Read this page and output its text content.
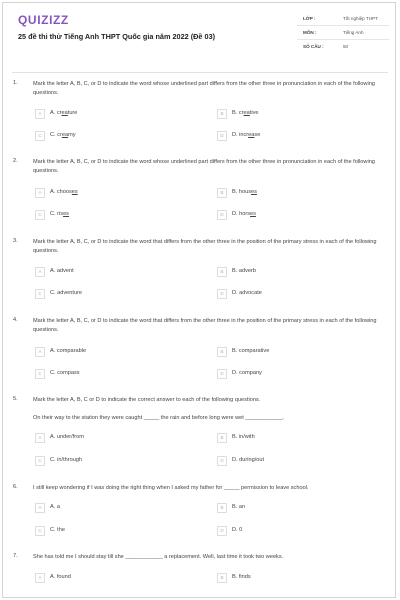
QUIZIZZ
25 đề thi thử Tiếng Anh THPT Quốc gia năm 2022 (Đề 03)
LỚP :	Tốt nghiệp THPT
MÔN :	Tiếng Anh
SỐ CÂU :	50
1.	Mark the letter A, B, C, or D to indicate the word whose underlined part differs from the other three in pronunciation in each of the following questions.
A	A. creature	B	B. creative
C	C. creamy	D	D. increase
2.	Mark the letter A, B, C, or D to indicate the word whose underlined part differs from the other three in pronunciation in each of the following questions.
A	A. chooses	B	B. houses
C	C. rises	D	D. horses
3.	Mark the letter A, B, C, or D to indicate the word that differs from the other three in the position of the primary stress in each of the following questions.
A	A. advent	B	B. adverb
C	C. adventure	D	D. advocate
4.	Mark the letter A, B, C, or D to indicate the word that differs from the other three in the position of the primary stress in each of the following questions.
A	A. comparable	B	B. comparative
C	C. compass	D	D. company
5.	Mark the letter A, B, C or D to indicate the correct answer to each of the following questions.
On their way to the station they were caught _____ the rain and before long were wet ____________.
A	A. under/from	B	B. in/with
C	C. in/through	D	D. during/out
6.	I still keep wondering if I was doing the right thing when I asked my father for _____ permission to leave school.
A	A. a	B	B. an
C	C. the	D	D. 0
7.	She has told me I should stay till she ____________ a replacement. Well, last time it took two weeks.
A	A. found	B	B. finds
